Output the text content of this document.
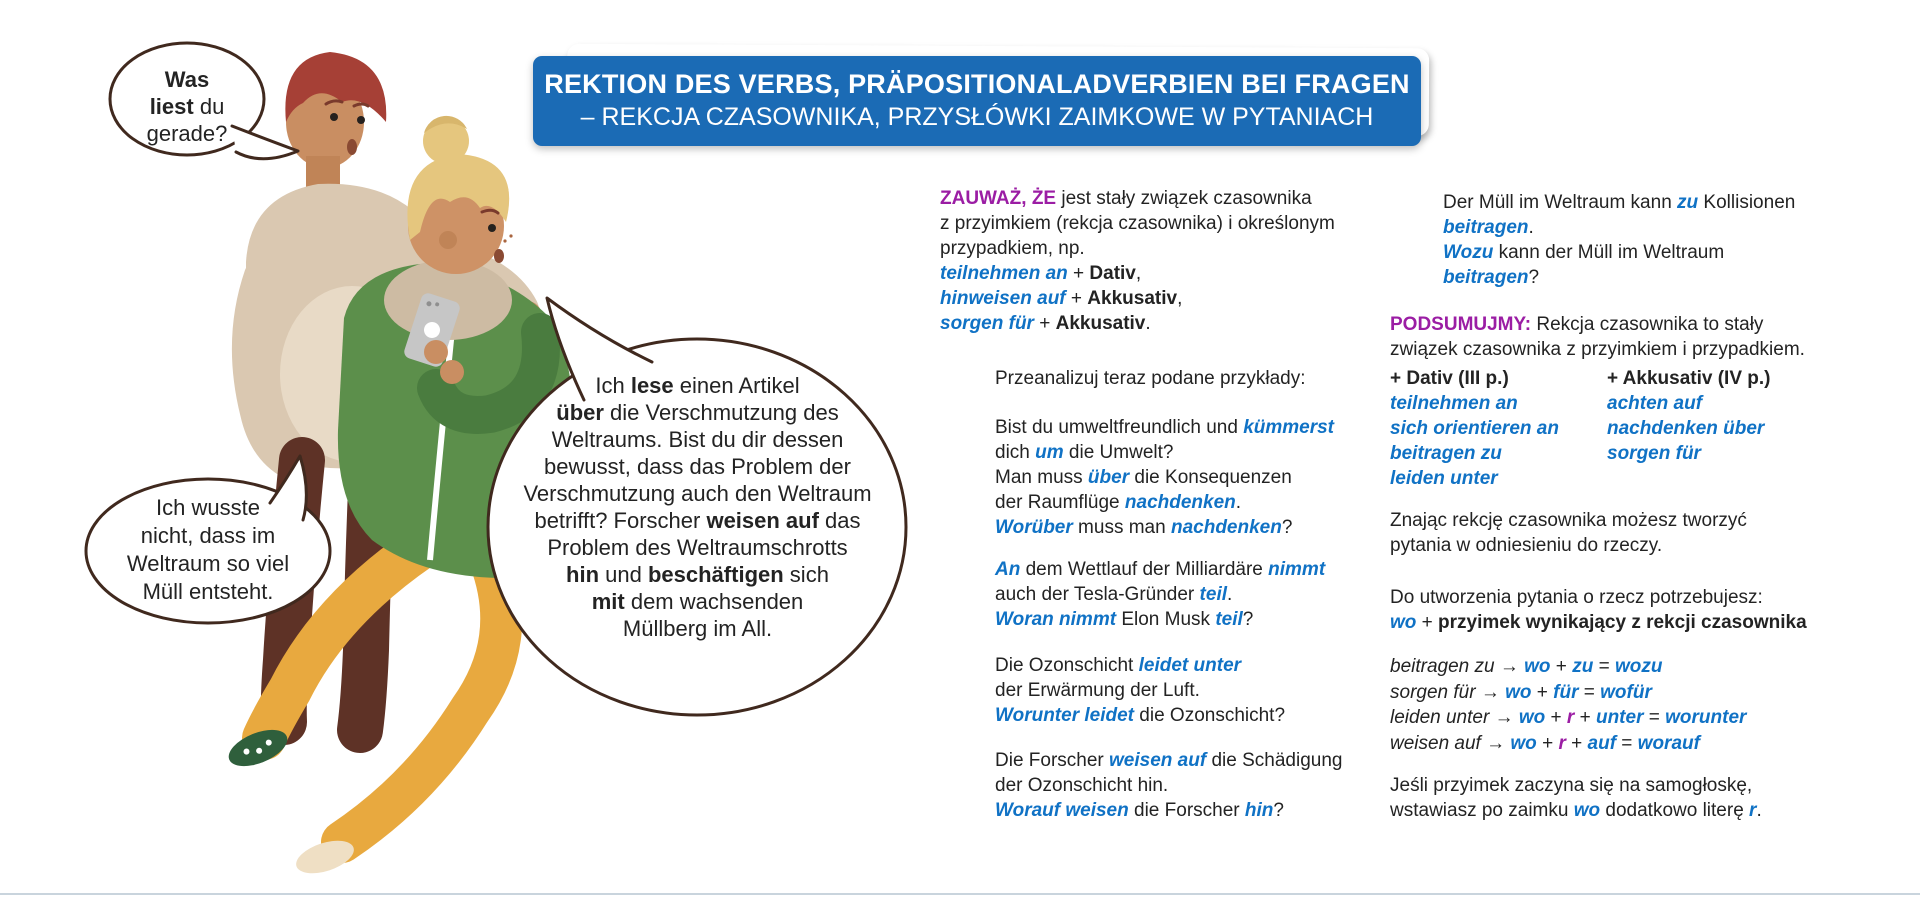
REKTION DES VERBS, PRÄPOSITIONALADVERBIEN BEI FRAGEN
– REKCJA CZASOWNIKA, PRZYSŁÓWKI ZAIMKOWE W PYTANIACH
Was
liest du
gerade?
Ich wusste
nicht, dass im
Weltraum so viel
Müll entsteht.
Ich lese einen Artikel
über die Verschmutzung des
Weltraums. Bist du dir dessen
bewusst, dass das Problem der
Verschmutzung auch den Weltraum
betrifft? Forscher weisen auf das
Problem des Weltraumschrotts
hin und beschäftigen sich
mit dem wachsenden
Müllberg im All.
ZAUWAŻ, ŻE jest stały związek czasownika
z przyimkiem (rekcja czasownika) i określonym
przypadkiem, np.
teilnehmen an + Dativ,
hinweisen auf + Akkusativ,
sorgen für + Akkusativ.
Przeanalizuj teraz podane przykłady:
Bist du umweltfreundlich und kümmerst
dich um die Umwelt?
Man muss über die Konsequenzen
der Raumflüge nachdenken.
Worüber muss man nachdenken?
An dem Wettlauf der Milliardäre nimmt
auch der Tesla-Gründer teil.
Woran nimmt Elon Musk teil?
Die Ozonschicht leidet unter
der Erwärmung der Luft.
Worunter leidet die Ozonschicht?
Die Forscher weisen auf die Schädigung
der Ozonschicht hin.
Worauf weisen die Forscher hin?
Der Müll im Weltraum kann zu Kollisionen
beitragen.
Wozu kann der Müll im Weltraum
beitragen?
PODSUMUJMY: Rekcja czasownika to stały
związek czasownika z przyimkiem i przypadkiem.
+ Dativ (III p.)
teilnehmen an
sich orientieren an
beitragen zu
leiden unter
+ Akkusativ (IV p.)
achten auf
nachdenken über
sorgen für
Znając rekcję czasownika możesz tworzyć
pytania w odniesieniu do rzeczy.
Do utworzenia pytania o rzecz potrzebujesz:
wo + przyimek wynikający z rekcji czasownika
beitragen zu → wo + zu = wozu
sorgen für → wo + für = wofür
leiden unter → wo + r + unter = worunter
weisen auf → wo + r + auf = worauf
Jeśli przyimek zaczyna się na samogłoskę,
wstawiasz po zaimku wo dodatkowo literę r.
